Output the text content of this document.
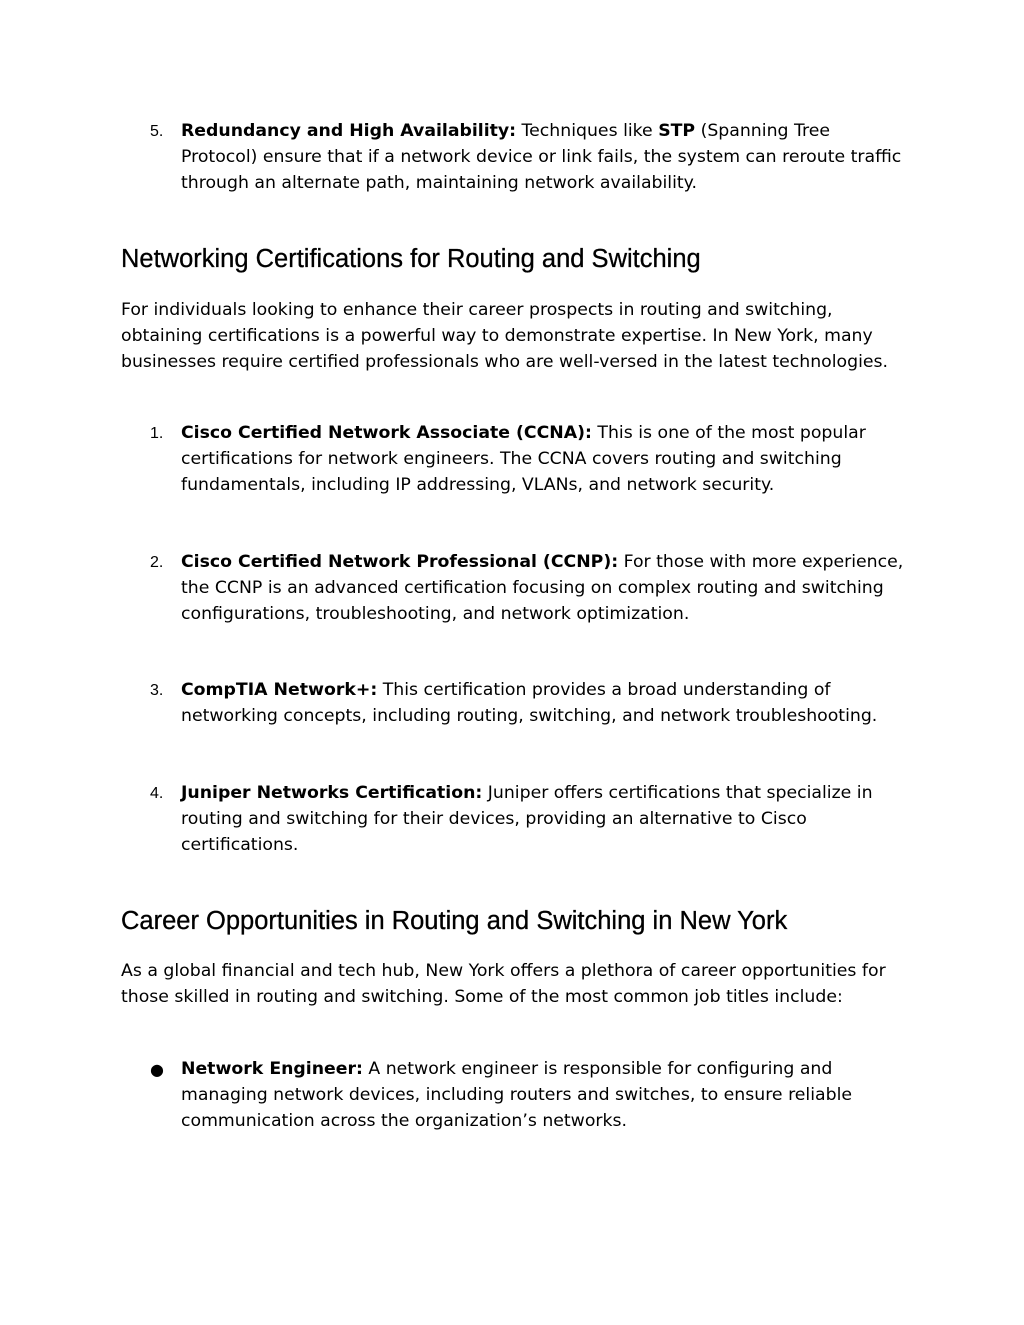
5. Redundancy and High Availability: Techniques like STP (Spanning Tree Protocol) ensure that if a network device or link fails, the system can reroute traffic through an alternate path, maintaining network availability.
Networking Certifications for Routing and Switching

For individuals looking to enhance their career prospects in routing and switching, obtaining certifications is a powerful way to demonstrate expertise. In New York, many businesses require certified professionals who are well-versed in the latest technologies.

1. Cisco Certified Network Associate (CCNA): This is one of the most popular certifications for network engineers. The CCNA covers routing and switching fundamentals, including IP addressing, VLANs, and network security.
2. Cisco Certified Network Professional (CCNP): For those with more experience, the CCNP is an advanced certification focusing on complex routing and switching configurations, troubleshooting, and network optimization.
3. CompTIA Network+: This certification provides a broad understanding of networking concepts, including routing, switching, and network troubleshooting.
4. Juniper Networks Certification: Juniper offers certifications that specialize in routing and switching for their devices, providing an alternative to Cisco certifications.
Career Opportunities in Routing and Switching in New York

As a global financial and tech hub, New York offers a plethora of career opportunities for those skilled in routing and switching. Some of the most common job titles include:

● Network Engineer: A network engineer is responsible for configuring and managing network devices, including routers and switches, to ensure reliable communication across the organization’s networks.
